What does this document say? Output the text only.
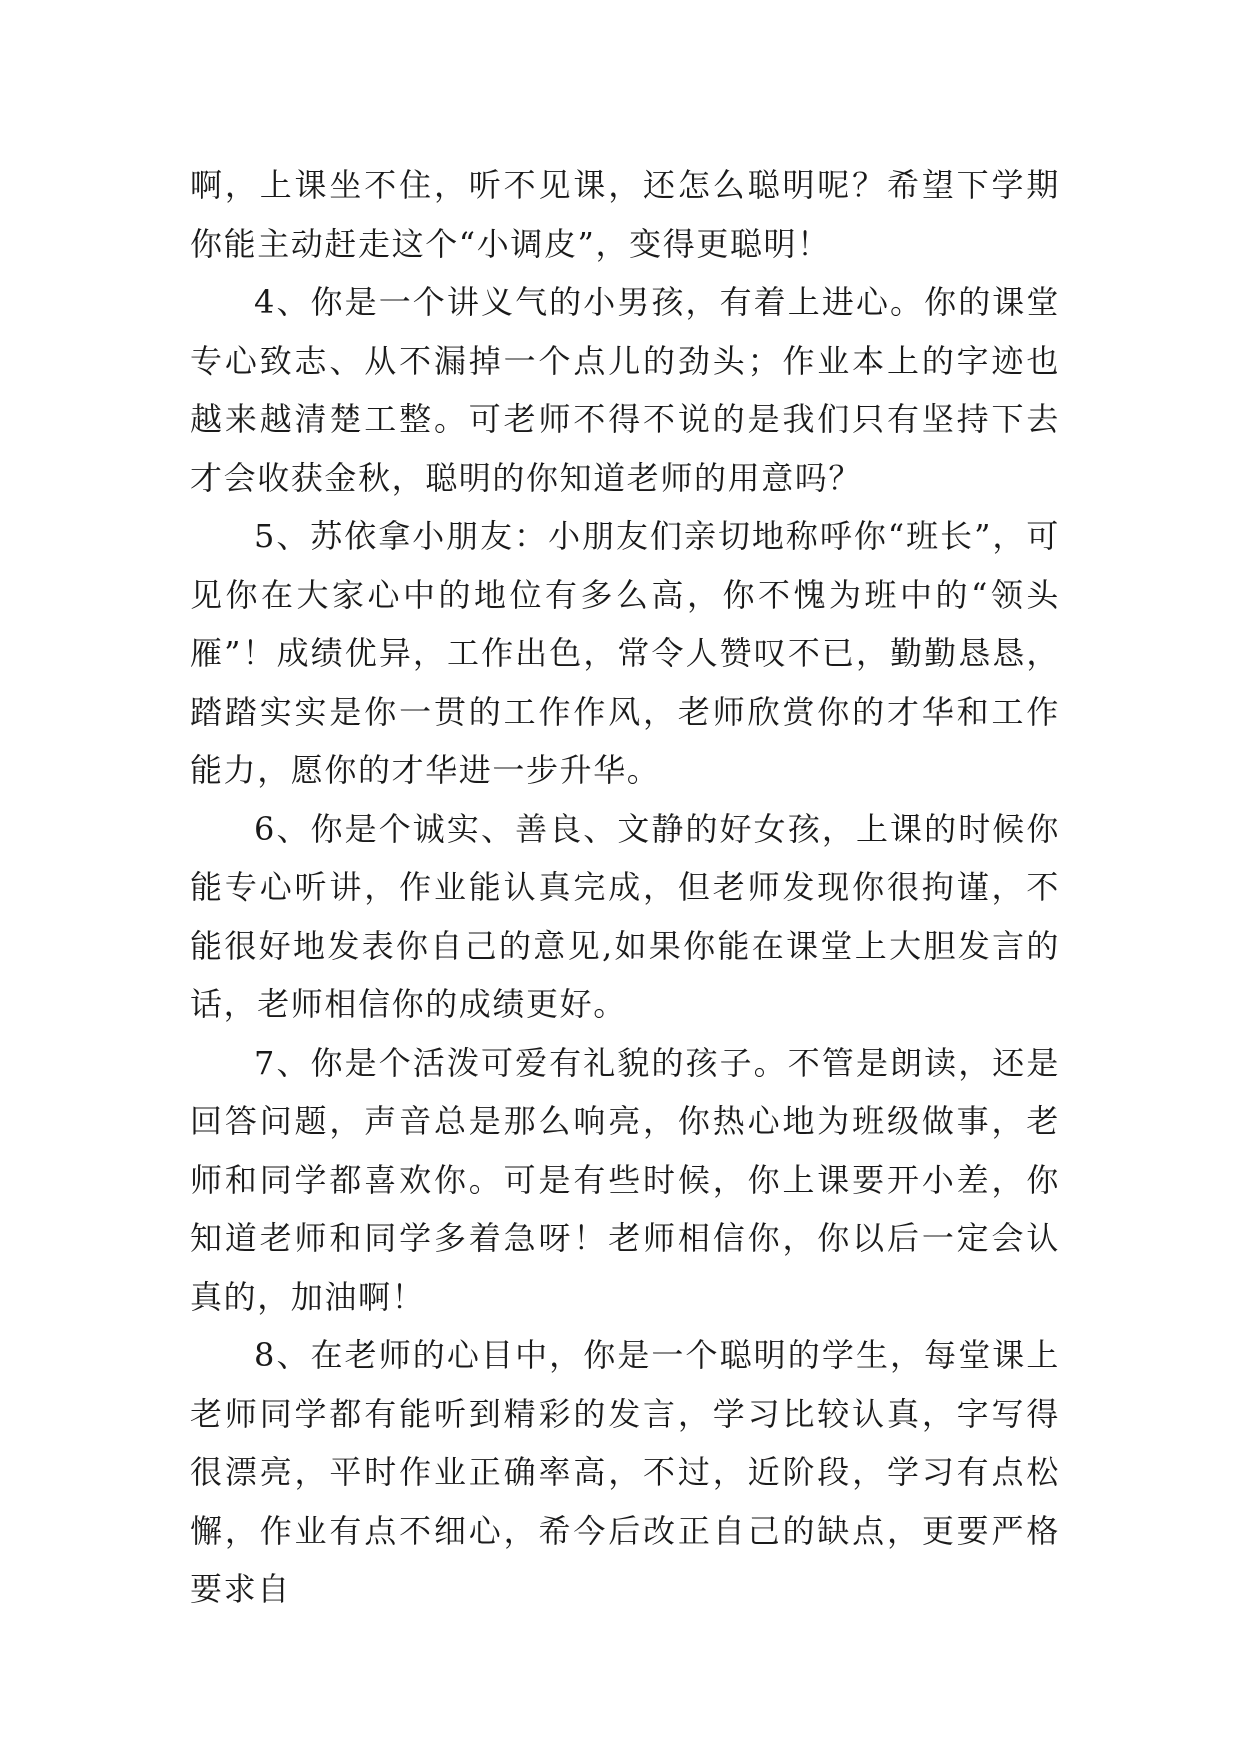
啊，上课坐不住，听不见课，还怎么聪明呢？希望下学期你能主动赶走这个“小调皮”，变得更聪明！

4、你是一个讲义气的小男孩，有着上进心。你的课堂专心致志、从不漏掉一个点儿的劲头；作业本上的字迹也越来越清楚工整。可老师不得不说的是我们只有坚持下去才会收获金秋，聪明的你知道老师的用意吗？

5、苏依拿小朋友：小朋友们亲切地称呼你“班长”，可见你在大家心中的地位有多么高，你不愧为班中的“领头雁”！成绩优异，工作出色，常令人赞叹不已，勤勤恳恳，踏踏实实是你一贯的工作作风，老师欣赏你的才华和工作能力，愿你的才华进一步升华。

6、你是个诚实、善良、文静的好女孩，上课的时候你能专心听讲，作业能认真完成，但老师发现你很拘谨，不能很好地发表你自己的意见,如果你能在课堂上大胆发言的话，老师相信你的成绩更好。

7、你是个活泼可爱有礼貌的孩子。不管是朗读，还是回答问题，声音总是那么响亮，你热心地为班级做事，老师和同学都喜欢你。可是有些时候，你上课要开小差，你知道老师和同学多着急呀！老师相信你，你以后一定会认真的，加油啊！

8、在老师的心目中，你是一个聪明的学生，每堂课上老师同学都有能听到精彩的发言，学习比较认真，字写得很漂亮，平时作业正确率高，不过，近阶段，学习有点松懈，作业有点不细心，希今后改正自己的缺点，更要严格要求自
